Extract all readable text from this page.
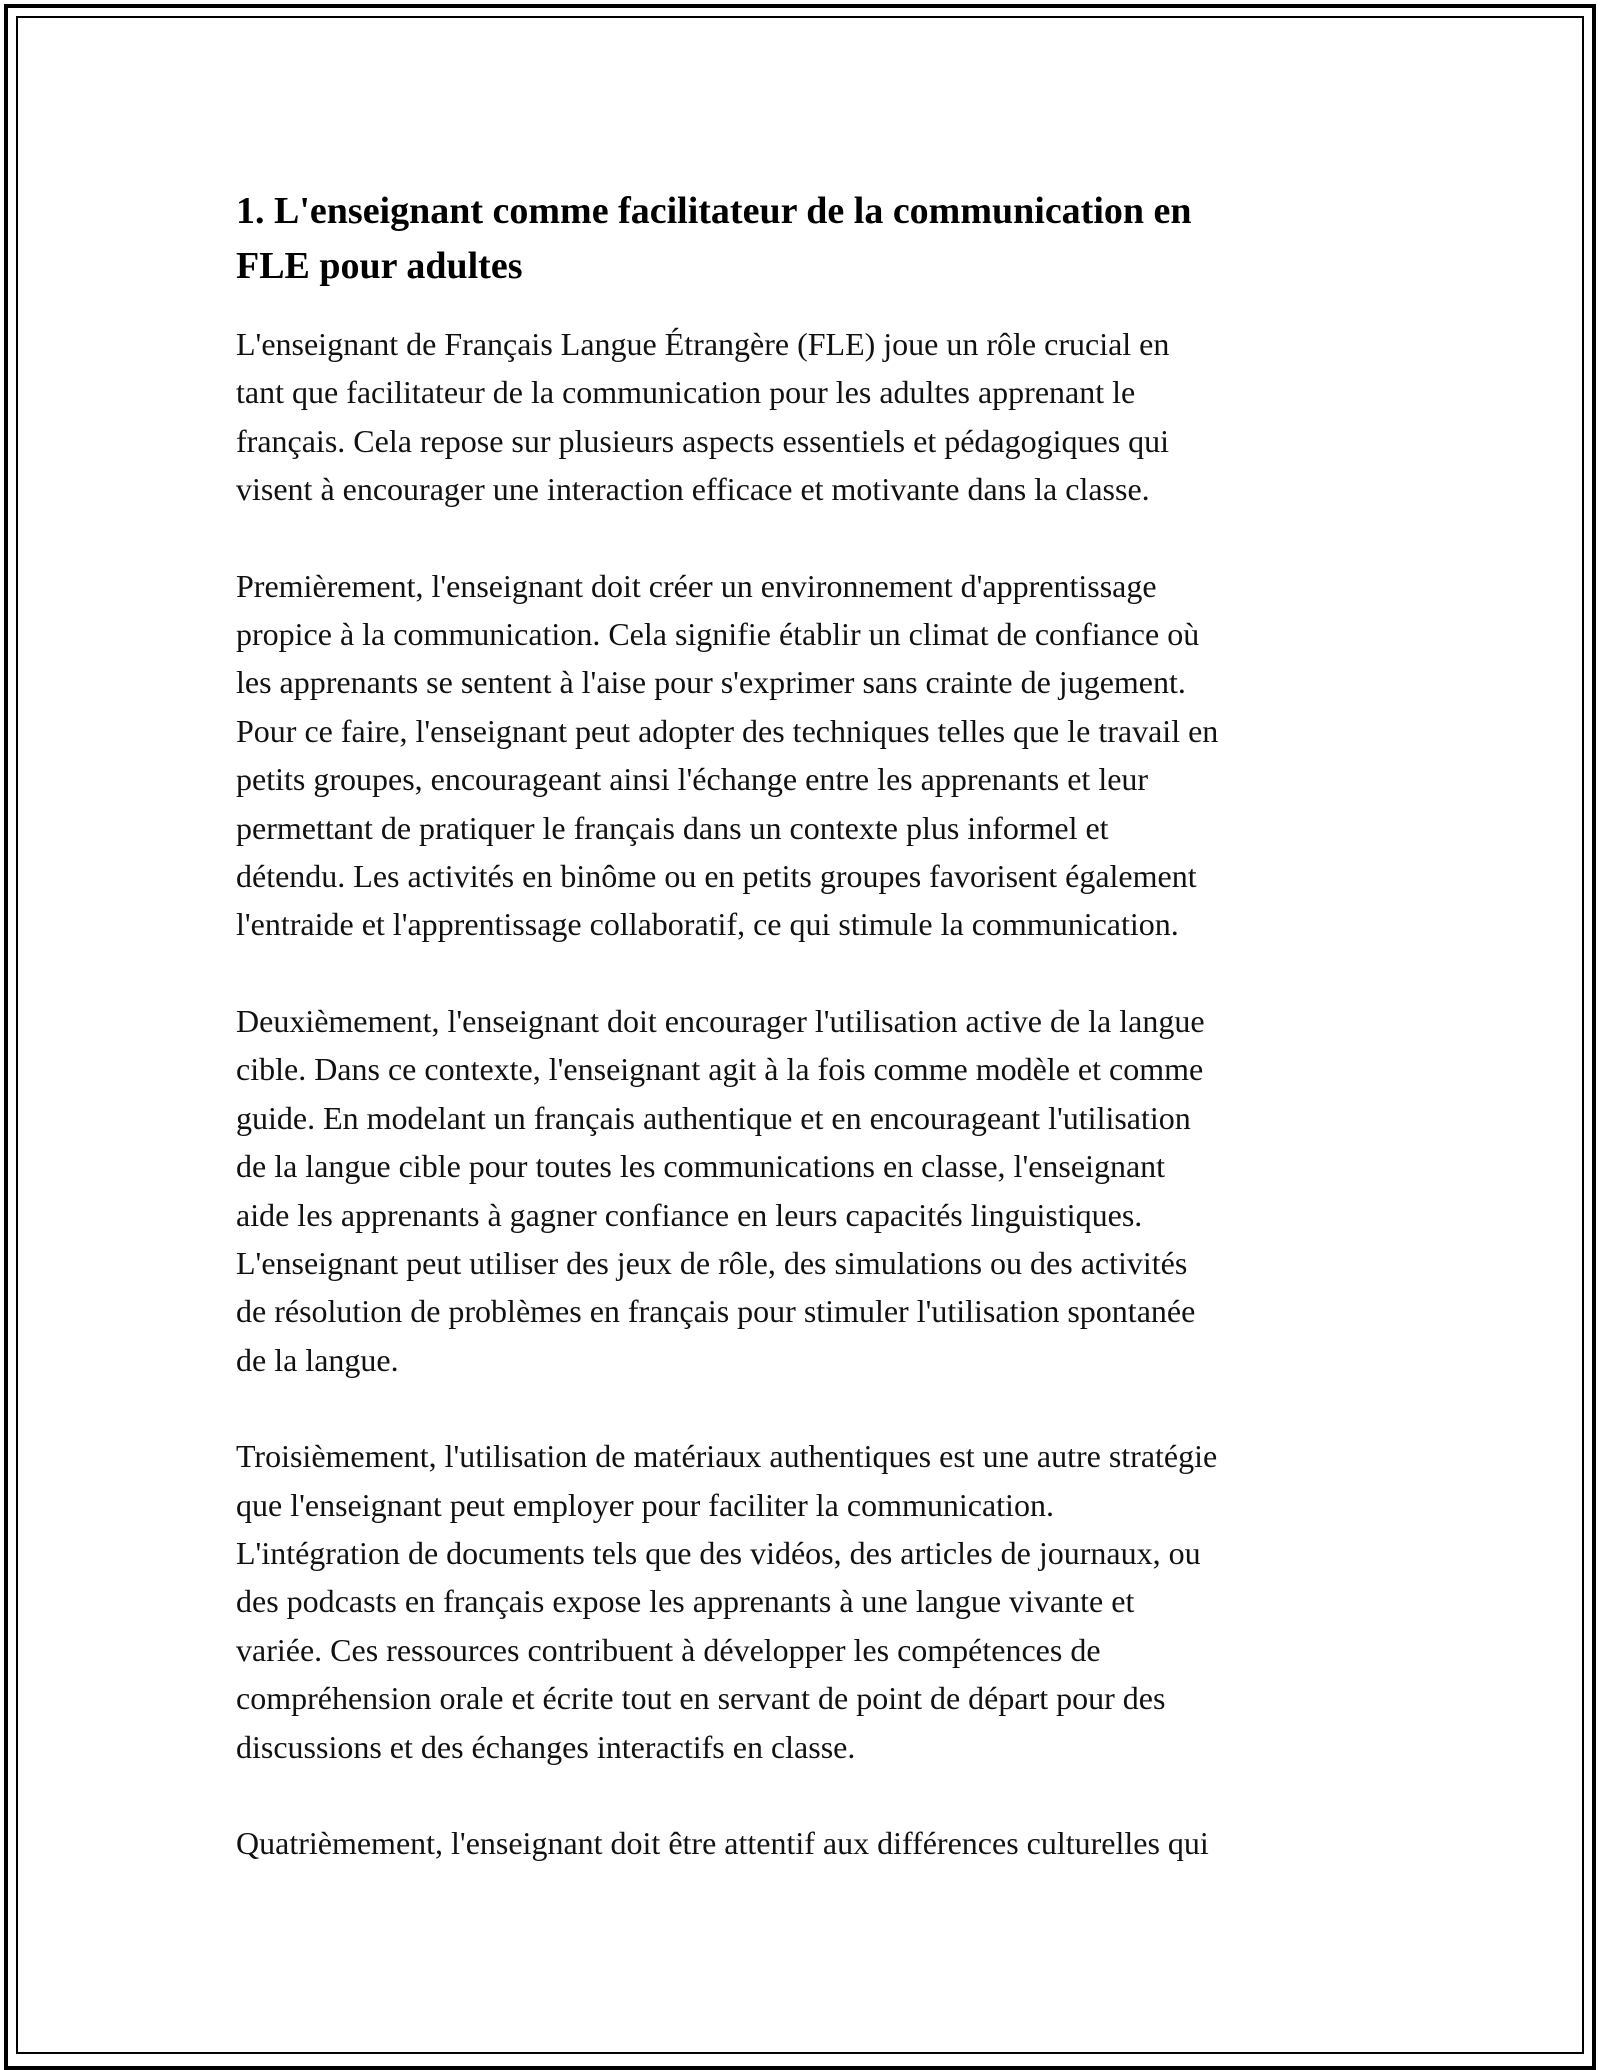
1. L'enseignant comme facilitateur de la communication en
FLE pour adultes

L'enseignant de Français Langue Étrangère (FLE) joue un rôle crucial en
tant que facilitateur de la communication pour les adultes apprenant le
français. Cela repose sur plusieurs aspects essentiels et pédagogiques qui
visent à encourager une interaction efficace et motivante dans la classe.

Premièrement, l'enseignant doit créer un environnement d'apprentissage
propice à la communication. Cela signifie établir un climat de confiance où
les apprenants se sentent à l'aise pour s'exprimer sans crainte de jugement.
Pour ce faire, l'enseignant peut adopter des techniques telles que le travail en
petits groupes, encourageant ainsi l'échange entre les apprenants et leur
permettant de pratiquer le français dans un contexte plus informel et
détendu. Les activités en binôme ou en petits groupes favorisent également
l'entraide et l'apprentissage collaboratif, ce qui stimule la communication.

Deuxièmement, l'enseignant doit encourager l'utilisation active de la langue
cible. Dans ce contexte, l'enseignant agit à la fois comme modèle et comme
guide. En modelant un français authentique et en encourageant l'utilisation
de la langue cible pour toutes les communications en classe, l'enseignant
aide les apprenants à gagner confiance en leurs capacités linguistiques.
L'enseignant peut utiliser des jeux de rôle, des simulations ou des activités
de résolution de problèmes en français pour stimuler l'utilisation spontanée
de la langue.

Troisièmement, l'utilisation de matériaux authentiques est une autre stratégie
que l'enseignant peut employer pour faciliter la communication.
L'intégration de documents tels que des vidéos, des articles de journaux, ou
des podcasts en français expose les apprenants à une langue vivante et
variée. Ces ressources contribuent à développer les compétences de
compréhension orale et écrite tout en servant de point de départ pour des
discussions et des échanges interactifs en classe.

Quatrièmement, l'enseignant doit être attentif aux différences culturelles qui
